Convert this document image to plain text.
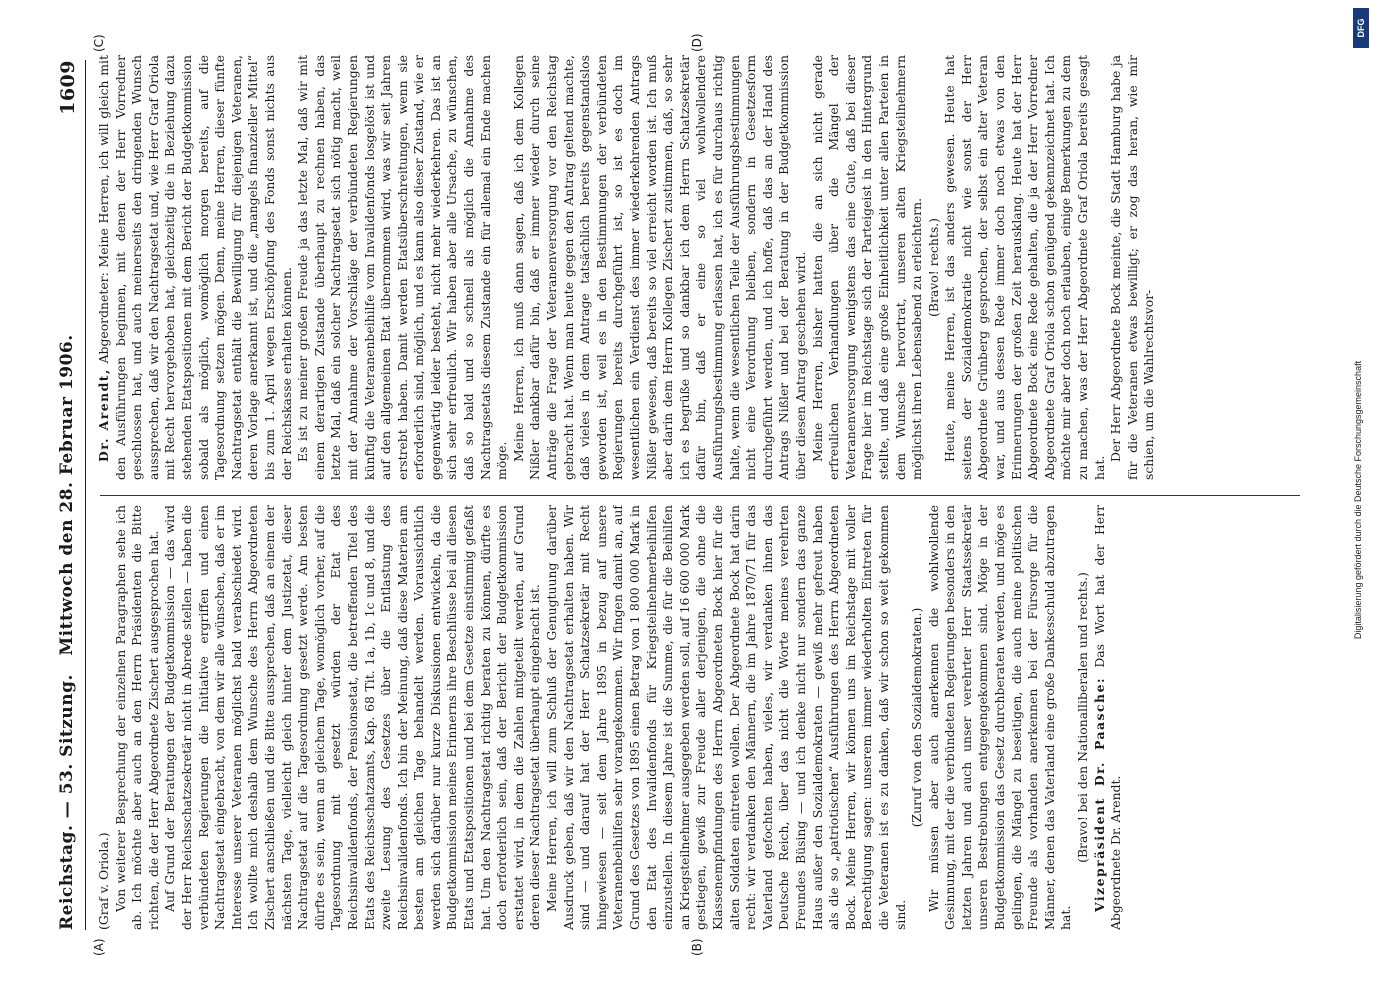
Reichstag. — 53. Sitzung.
Mittwoch den 28. Februar 1906.
1609
(A)	(B)
(C)	(D)

(Graf v. Oriola.) Von weiterer Besprechung der einzelnen Paragraphen sehe ich ab. Ich möchte aber auch an den Herrn Präsidenten die Bitte richten, die der Herr Abgeordnete Zischert ausgesprochen hat. Auf Grund der Beratungen der Budgetkommission — das wird der Herr Reichsschatzsekretär nicht in Abrede stellen — haben die verbündeten Regierungen die Initiative ergriffen und einen Nachtragsetat eingebracht, von dem wir alle wünschen, daß er im Interesse unserer Veteranen möglichst bald verabschiedet wird. Ich wollte mich deshalb dem Wunsche des Herrn Abgeordneten Zischert anschließen und die Bitte aussprechen, daß an einem der nächsten Tage, vielleicht gleich hinter dem Justizetat, dieser Nachtragsetat auf die Tagesordnung gesetzt werde. Am besten dürfte es sein, wenn an gleichem Tage, womöglich vorher, auf die Tagesordnung mit gesetzt würden der Etat des Reichsinvalidenfonds, der Pensionsetat, die betreffenden Titel des Etats des Reichsschatzamts, Kap. 68 Tit. 1a, 1b, 1c und 8, und die zweite Lesung des Gesetzes über die Entlastung des Reichsinvalidenfonds. Ich bin der Meinung, daß diese Materien am besten am gleichen Tage behandelt werden. Voraussichtlich werden sich darüber nur kurze Diskussionen entwickeln, da die Budgetkommission meines Erinnerns ihre Beschlüsse bei all diesen Etats und Etatspositionen und bei dem Gesetze einstimmig gefaßt hat. Um den Nachtragsetat richtig beraten zu können, dürfte es doch erforderlich sein, daß der Bericht der Budgetkommission erstattet wird, in dem die Zahlen mitgeteilt werden, auf Grund deren dieser Nachtragsetat überhaupt eingebracht ist. Meine Herren, ich will zum Schluß der Genugtuung darüber Ausdruck geben, daß wir den Nachtragsetat erhalten haben. Wir sind — und darauf hat der Herr Schatzsekretär mit Recht hingewiesen — seit dem Jahre 1895 in bezug auf unsere Veteranenbeihilfen sehr vorangekommen. Wir fingen damit an, auf Grund des Gesetzes von 1895 einen Betrag von 1 800 000 Mark in den Etat des Invalidenfonds für Kriegsteilnehmerbeihilfen einzustellen. In diesem Jahre ist die Summe, die für die Beihilfen an Kriegsteilnehmer ausgegeben werden soll, auf 16 600 000 Mark gestiegen, gewiß zur Freude aller derjenigen, die ohne die Klassenempfindungen des Herrn Abgeordneten Bock hier für die alten Soldaten eintreten wollen. Der Abgeordnete Bock hat darin recht: wir verdanken den Männern, die im Jahre 1870/71 für das Vaterland gefochten haben, vieles, wir verdanken ihnen das Deutsche Reich, über das nicht die Worte meines verehrten Freundes Büsing — und ich denke nicht nur sondern das ganze Haus außer den Sozialdemokraten — gewiß mehr gefreut haben als die so „patriotischen“ Ausführungen des Herrn Abgeordneten Bock. Meine Herren, wir können uns im Reichstage mit voller Berechtigung sagen: unserem immer wiederholten Eintreten für die Veteranen ist es zu danken, daß wir schon so weit gekommen sind.

(Zuruf von den Sozialdemokraten.) Wir müssen aber auch anerkennen die wohlwollende Gesinnung, mit der die verbündeten Regierungen besonders in den letzten Jahren und auch unser verehrter Herr Staatssekretär unseren Bestrebungen entgegengekommen sind. Möge in der Budgetkommission das Gesetz durchberaten werden, und möge es gelingen, die Mängel zu beseitigen, die auch meine politischen Freunde als vorhanden anerkennen bei der Fürsorge für die Männer, denen das Vaterland eine große Dankesschuld abzutragen hat.

(Bravo! bei den Nationalliberalen und rechts.) Vizepräsident Dr. Paasche: Das Wort hat der Herr Abgeordnete Dr. Arendt.

Dr. Arendt, Abgeordneter: Meine Herren, ich will gleich mit den Ausführungen beginnen, mit denen der Herr Vorredner geschlossen hat, und auch meinerseits den dringenden Wunsch aussprechen, daß wir den Nachtragsetat und, wie Herr Graf Oriola mit Recht hervorgehoben hat, gleichzeitig die in Beziehung dazu stehenden Etatspositionen mit dem Bericht der Budgetkommission sobald als möglich, womöglich morgen bereits, auf die Tagesordnung setzen mögen. Denn, meine Herren, dieser fünfte Nachtragsetat enthält die Bewilligung für diejenigen Veteranen, deren Vorlage anerkannt ist, und die „mangels finanzieller Mittel“ bis zum 1. April wegen Erschöpfung des Fonds sonst nichts aus der Reichskasse erhalten können. Es ist zu meiner großen Freude ja das letzte Mal, daß wir mit einem derartigen Zustande überhaupt zu rechnen haben, das letzte Mal, daß ein solcher Nachtragsetat sich nötig macht, weil mit der Annahme der Vorschläge der verbündeten Regierungen künftig die Veteranenbeihilfe vom Invalidenfonds losgelöst ist und auf den allgemeinen Etat übernommen wird, was wir seit Jahren erstrebt haben. Damit werden Etatsüberschreitungen, wenn sie erforderlich sind, möglich, und es kann also dieser Zustand, wie er gegenwärtig leider besteht, nicht mehr wiederkehren. Das ist an sich sehr erfreulich. Wir haben aber alle Ursache, zu wünschen, daß so bald und so schnell als möglich die Annahme des Nachtragsetats diesem Zustande ein für allemal ein Ende machen möge. Meine Herren, ich muß dann sagen, daß ich dem Kollegen Nißler dankbar dafür bin, daß er immer wieder durch seine Anträge die Frage der Veteranenversorgung vor den Reichstag gebracht hat. Wenn man heute gegen den Antrag geltend machte, daß vieles in dem Antrage tatsächlich bereits gegenstandslos geworden ist, weil es in den Bestimmungen der verbündeten Regierungen bereits durchgeführt ist, so ist es doch im wesentlichen ein Verdienst des immer wiederkehrenden Antrags Nißler gewesen, daß bereits so viel erreicht worden ist. Ich muß aber darin dem Herrn Kollegen Zischert zustimmen, daß, so sehr ich es begrüße und so dankbar ich dem Herrn Schatzsekretär dafür bin, daß er eine so viel wohlwollendere Ausführungsbestimmung erlassen hat, ich es für durchaus richtig halte, wenn die wesentlichen Teile der Ausführungsbestimmungen nicht eine Verordnung bleiben, sondern in Gesetzesform durchgeführt werden, und ich hoffe, daß das an der Hand des Antrags Nißler und bei der Beratung in der Budgetkommission über diesen Antrag geschehen wird. Meine Herren, bisher hatten die an sich nicht gerade erfreulichen Verhandlungen über die Mängel der Veteranenversorgung wenigstens das eine Gute, daß bei dieser Frage hier im Reichstage sich der Parteigeist in den Hintergrund stellte, und daß eine große Einheitlichkeit unter allen Parteien in dem Wunsche hervortrat, unseren alten Kriegsteilnehmern möglichst ihren Lebensabend zu erleichtern. (Bravo! rechts.) Heute, meine Herren, ist das anders gewesen. Heute hat seitens der Sozialdemokratie nicht wie sonst der Herr Abgeordnete Grünberg gesprochen, der selbst ein alter Veteran war, und aus dessen Rede immer doch noch etwas von den Erinnerungen der großen Zeit herausklang. Heute hat der Herr Abgeordnete Bock eine Rede gehalten, die ja der Herr Vorredner Abgeordnete Graf Oriola schon genügend gekennzeichnet hat. Ich möchte mir aber doch noch erlauben, einige Bemerkungen zu dem zu machen, was der Herr Abgeordnete Graf Oriola bereits gesagt hat.

Der Herr Abgeordnete Bock meinte, die Stadt Hamburg habe ja für die Veteranen etwas bewilligt; er zog das heran, wie mir schien, um die Wahlrechtsvor-	Digitalisierung gefördert durch die Deutsche Forschungsgemeinschaft
DFG
